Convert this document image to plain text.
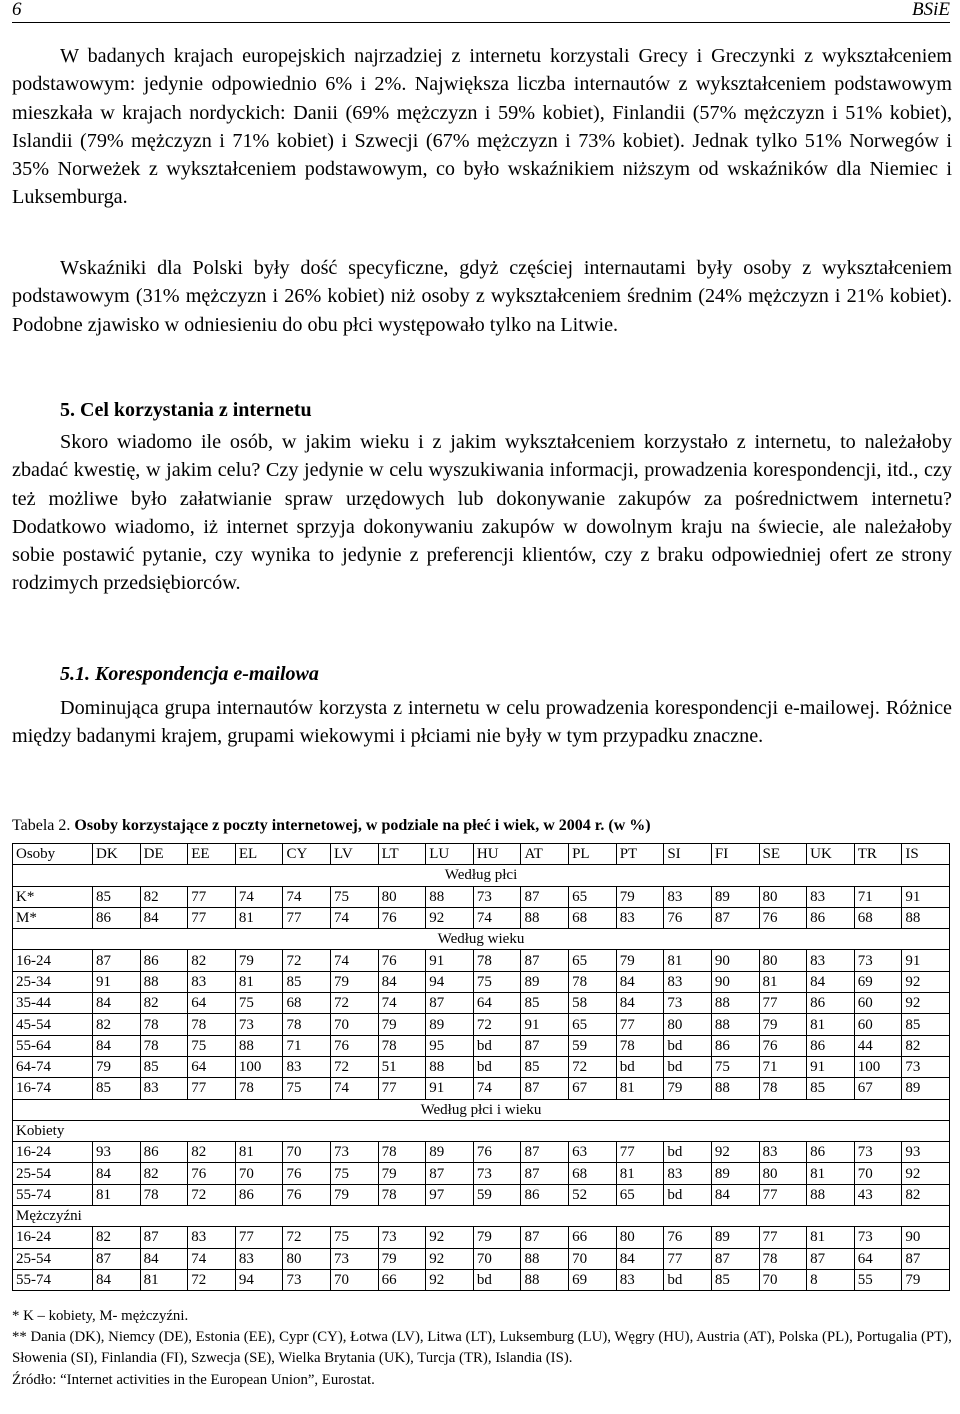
6	BSiE

W badanych krajach europejskich najrzadziej z internetu korzystali Grecy i Greczynki z wykształceniem podstawowym: jedynie odpowiednio 6% i 2%. Największa liczba internautów z wykształceniem podstawowym mieszkała w krajach nordyckich: Danii (69% mężczyzn i 59% kobiet), Finlandii (57% mężczyzn i 51% kobiet), Islandii (79% mężczyzn i 71% kobiet) i Szwecji (67% mężczyzn i 73% kobiet). Jednak tylko 51% Norwegów i 35% Norweżek z wykształceniem podstawowym, co było wskaźnikiem niższym od wskaźników dla Niemiec i Luksemburga.

Wskaźniki dla Polski były dość specyficzne, gdyż częściej internautami były osoby z wykształceniem podstawowym (31% mężczyzn i 26% kobiet) niż osoby z wykształceniem średnim (24% mężczyzn i 21% kobiet). Podobne zjawisko w odniesieniu do obu płci występowało tylko na Litwie.

5. Cel korzystania z internetu

Skoro wiadomo ile osób, w jakim wieku i z jakim wykształceniem korzystało z internetu, to należałoby zbadać kwestię, w jakim celu? Czy jedynie w celu wyszukiwania informacji, prowadzenia korespondencji, itd., czy też możliwe było załatwianie spraw urzędowych lub dokonywanie zakupów za pośrednictwem internetu? Dodatkowo wiadomo, iż internet sprzyja dokonywaniu zakupów w dowolnym kraju na świecie, ale należałoby sobie postawić pytanie, czy wynika to jedynie z preferencji klientów, czy z braku odpowiedniej ofert ze strony rodzimych przedsiębiorców.

5.1. Korespondencja e-mailowa

Dominująca grupa internautów korzysta z internetu w celu prowadzenia korespondencji e-mailowej. Różnice między badanymi krajem, grupami wiekowymi i płciami nie były w tym przypadku znaczne.

Tabela 2. Osoby korzystające z poczty internetowej, w podziale na płeć i wiek, w 2004 r. (w %)
Osoby	DK	DE	EE	EL	CY	LV	LT	LU	HU	AT	PL	PT	SI	FI	SE	UK	TR	IS
Według płci																		
K*	85	82	77	74	74	75	80	88	73	87	65	79	83	89	80	83	71	91
M*	86	84	77	81	77	74	76	92	74	88	68	83	76	87	76	86	68	88
Według wieku																		
16-24	87	86	82	79	72	74	76	91	78	87	65	79	81	90	80	83	73	91
25-34	91	88	83	81	85	79	84	94	75	89	78	84	83	90	81	84	69	92
35-44	84	82	64	75	68	72	74	87	64	85	58	84	73	88	77	86	60	92
45-54	82	78	78	73	78	70	79	89	72	91	65	77	80	88	79	81	60	85
55-64	84	78	75	88	71	76	78	95	bd	87	59	78	bd	86	76	86	44	82
64-74	79	85	64	100	83	72	51	88	bd	85	72	bd	bd	75	71	91	100	73
16-74	85	83	77	78	75	74	77	91	74	87	67	81	79	88	78	85	67	89
Według płci i wieku																		
Kobiety																		
16-24	93	86	82	81	70	73	78	89	76	87	63	77	bd	92	83	86	73	93
25-54	84	82	76	70	76	75	79	87	73	87	68	81	83	89	80	81	70	92
55-74	81	78	72	86	76	79	78	97	59	86	52	65	bd	84	77	88	43	82
Mężczyźni																		
16-24	82	87	83	77	72	75	73	92	79	87	66	80	76	89	77	81	73	90
25-54	87	84	74	83	80	73	79	92	70	88	70	84	77	87	78	87	64	87
55-74	84	81	72	94	73	70	66	92	bd	88	69	83	bd	85	70	8	55	79
* K – kobiety, M- mężczyźni.
** Dania (DK), Niemcy (DE), Estonia (EE), Cypr (CY), Łotwa (LV), Litwa (LT), Luksemburg (LU), Węgry (HU), Austria (AT), Polska (PL), Portugalia (PT), Słowenia (SI), Finlandia (FI), Szwecja (SE), Wielka Brytania (UK), Turcja (TR), Islandia (IS).
Źródło: “Internet activities in the European Union”, Eurostat.
